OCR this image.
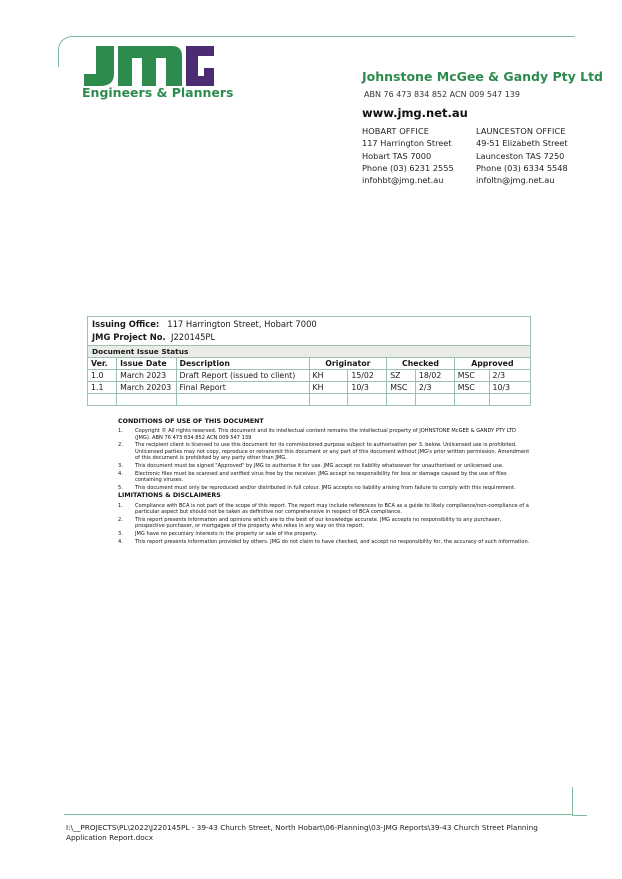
Engineers & Planners
Johnstone McGee & Gandy Pty Ltd
ABN 76 473 834 852 ACN 009 547 139
www.jmg.net.au
HOBART OFFICE
117 Harrington Street
Hobart TAS 7000
Phone (03) 6231 2555
infohbt@jmg.net.au
LAUNCESTON OFFICE
49-51 Elizabeth Street
Launceston TAS 7250
Phone (03) 6334 5548
infoltn@jmg.net.au
Issuing Office: 117 Harrington Street, Hobart 7000
JMG Project No. J220145PL
Document Issue Status
Ver.	Issue Date	Description	Originator		Checked		Approved	
1.0	March 2023	Draft Report (issued to client)	KH	15/02	SZ	18/02	MSC	2/3
1.1	March 20203	Final Report	KH	10/3	MSC	2/3	MSC	10/3

CONDITIONS OF USE OF THIS DOCUMENT
1. Copyright © All rights reserved. This document and its intellectual content remains the intellectual property of JOHNSTONE McGEE & GANDY PTY LTD (JMG). ABN 76 473 834 852 ACN 009 547 139
2. The recipient client is licensed to use this document for its commissioned purpose subject to authorisation per 3. below. Unlicensed use is prohibited. Unlicensed parties may not copy, reproduce or retransmit this document or any part of this document without JMG's prior written permission. Amendment of this document is prohibited by any party other than JMG.
3. This document must be signed "Approved" by JMG to authorise it for use. JMG accept no liability whatsoever for unauthorised or unlicensed use.
4. Electronic files must be scanned and verified virus free by the receiver. JMG accept no responsibility for loss or damage caused by the use of files containing viruses.
5. This document must only be reproduced and/or distributed in full colour. JMG accepts no liability arising from failure to comply with this requirement.
LIMITATIONS & DISCLAIMERS
1. Compliance with BCA is not part of the scope of this report. The report may include references to BCA as a guide to likely compliance/non-compliance of a particular aspect but should not be taken as definitive nor comprehensive in respect of BCA compliance.
2. This report presents information and opinions which are to the best of our knowledge accurate. JMG accepts no responsibility to any purchaser, prospective purchaser, or mortgagee of the property who relies in any way on this report.
3. JMG have no pecuniary interests in the property or sale of the property.
4. This report presents information provided by others. JMG do not claim to have checked, and accept no responsibility for, the accuracy of such information.
I:\__PROJECTS\PL\2022\J220145PL - 39-43 Church Street, North Hobart\06-Planning\03-JMG Reports\39-43 Church Street Planning Application Report.docx
